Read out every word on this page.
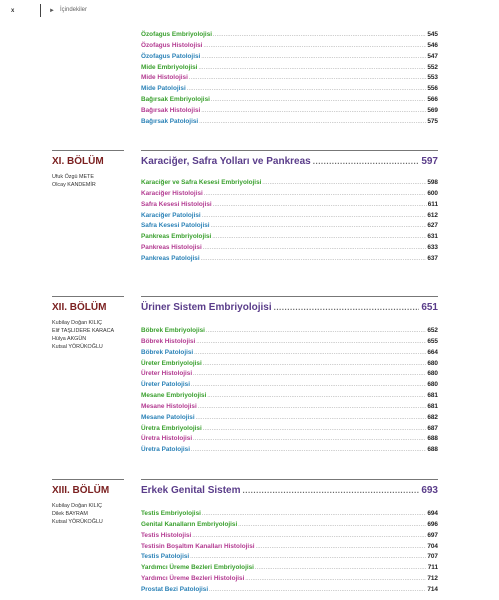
x	► İçindekiler
Özofagus Embriyolojisi .....	545
Özofagus Histolojisi .....	546
Özofagus Patolojisi .....	547
Mide Embriyolojisi .....	552
Mide Histolojisi .....	553
Mide Patolojisi .....	556
Bağırsak Embriyolojisi .....	566
Bağırsak Histolojisi .....	569
Bağırsak Patolojisi .....	575
XI. BÖLÜM	Karaciğer, Safra Yolları ve Pankreas .....	597
Ufuk Özgü METE
Olcay KANDEMİR	Karaciğer ve Safra Kesesi Embriyolojisi .....	598
Karaciğer Histolojisi .....	600
Safra Kesesi Histolojisi .....	611
Karaciğer Patolojisi .....	612
Safra Kesesi Patolojisi .....	627
Pankreas Embriyolojisi .....	631
Pankreas Histolojisi .....	633
Pankreas Patolojisi .....	637
XII. BÖLÜM	Üriner Sistem Embriyolojisi .....	651
Kubilay Doğan KILIÇ
Elif TAŞLIDERE KARACA
Hülya AKGÜN
Kutsal YÖRÜKOĞLU
Böbrek Embriyolojisi .....	652
Böbrek Histolojisi .....	655
Böbrek Patolojisi .....	664
Üreter Embriyolojisi .....	680
Üreter Histolojisi .....	680
Üreter Patolojisi .....	680
Mesane Embriyolojisi .....	681
Mesane Histolojisi .....	681
Mesane Patolojisi .....	682
Üretra Embriyolojisi .....	687
Üretra Histolojisi .....	688
Üretra Patolojisi .....	688
XIII. BÖLÜM	Erkek Genital Sistem .....	693
Kubilay Doğan KILIÇ
Dilek BAYRAM
Kutsal YÖRÜKOĞLU
Testis Embriyolojisi .....	694
Genital Kanalların Embriyolojisi .....	696
Testis Histolojisi .....	697
Testisin Boşaltım Kanalları Histolojisi .....	704
Testis Patolojisi .....	707
Yardımcı Üreme Bezleri Embriyolojisi .....	711
Yardımcı Üreme Bezleri Histolojisi .....	712
Prostat Bezi Patolojisi .....	714
